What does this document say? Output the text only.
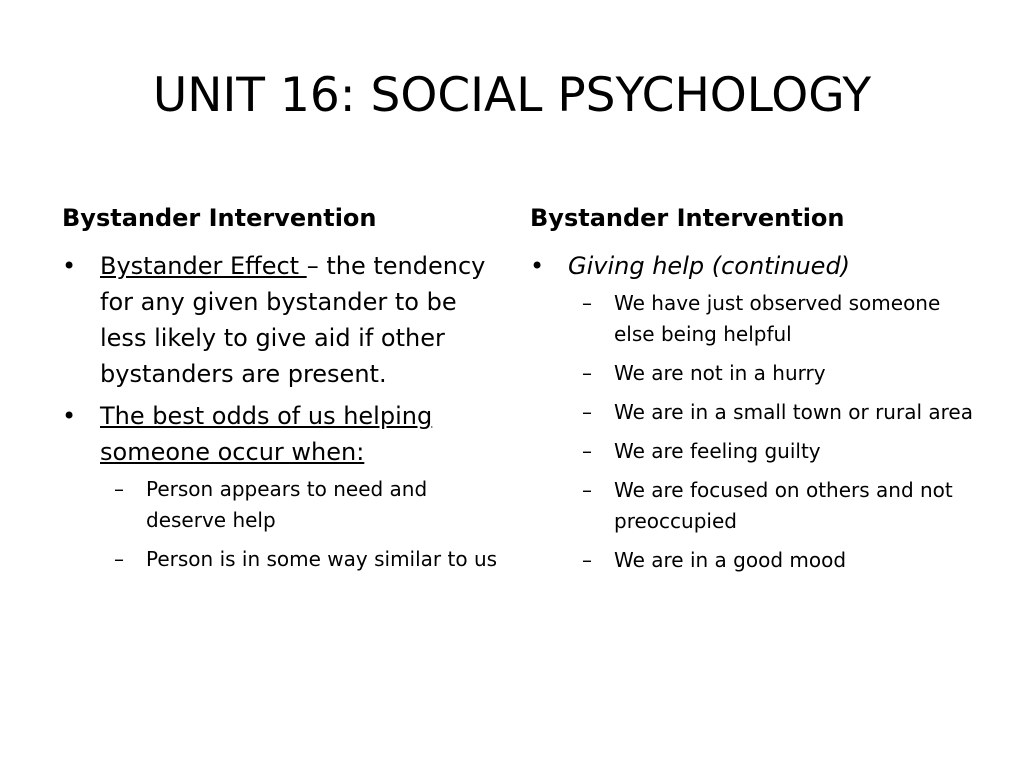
UNIT 16: SOCIAL PSYCHOLOGY
Bystander Intervention
• Bystander Effect – the tendency for any given bystander to be less likely to give aid if other bystanders are present.
• The best odds of us helping someone occur when:
– Person appears to need and deserve help
– Person is in some way similar to us
Bystander Intervention
• Giving help (continued)
– We have just observed someone else being helpful
– We are not in a hurry
– We are in a small town or rural area
– We are feeling guilty
– We are focused on others and not preoccupied
– We are in a good mood
